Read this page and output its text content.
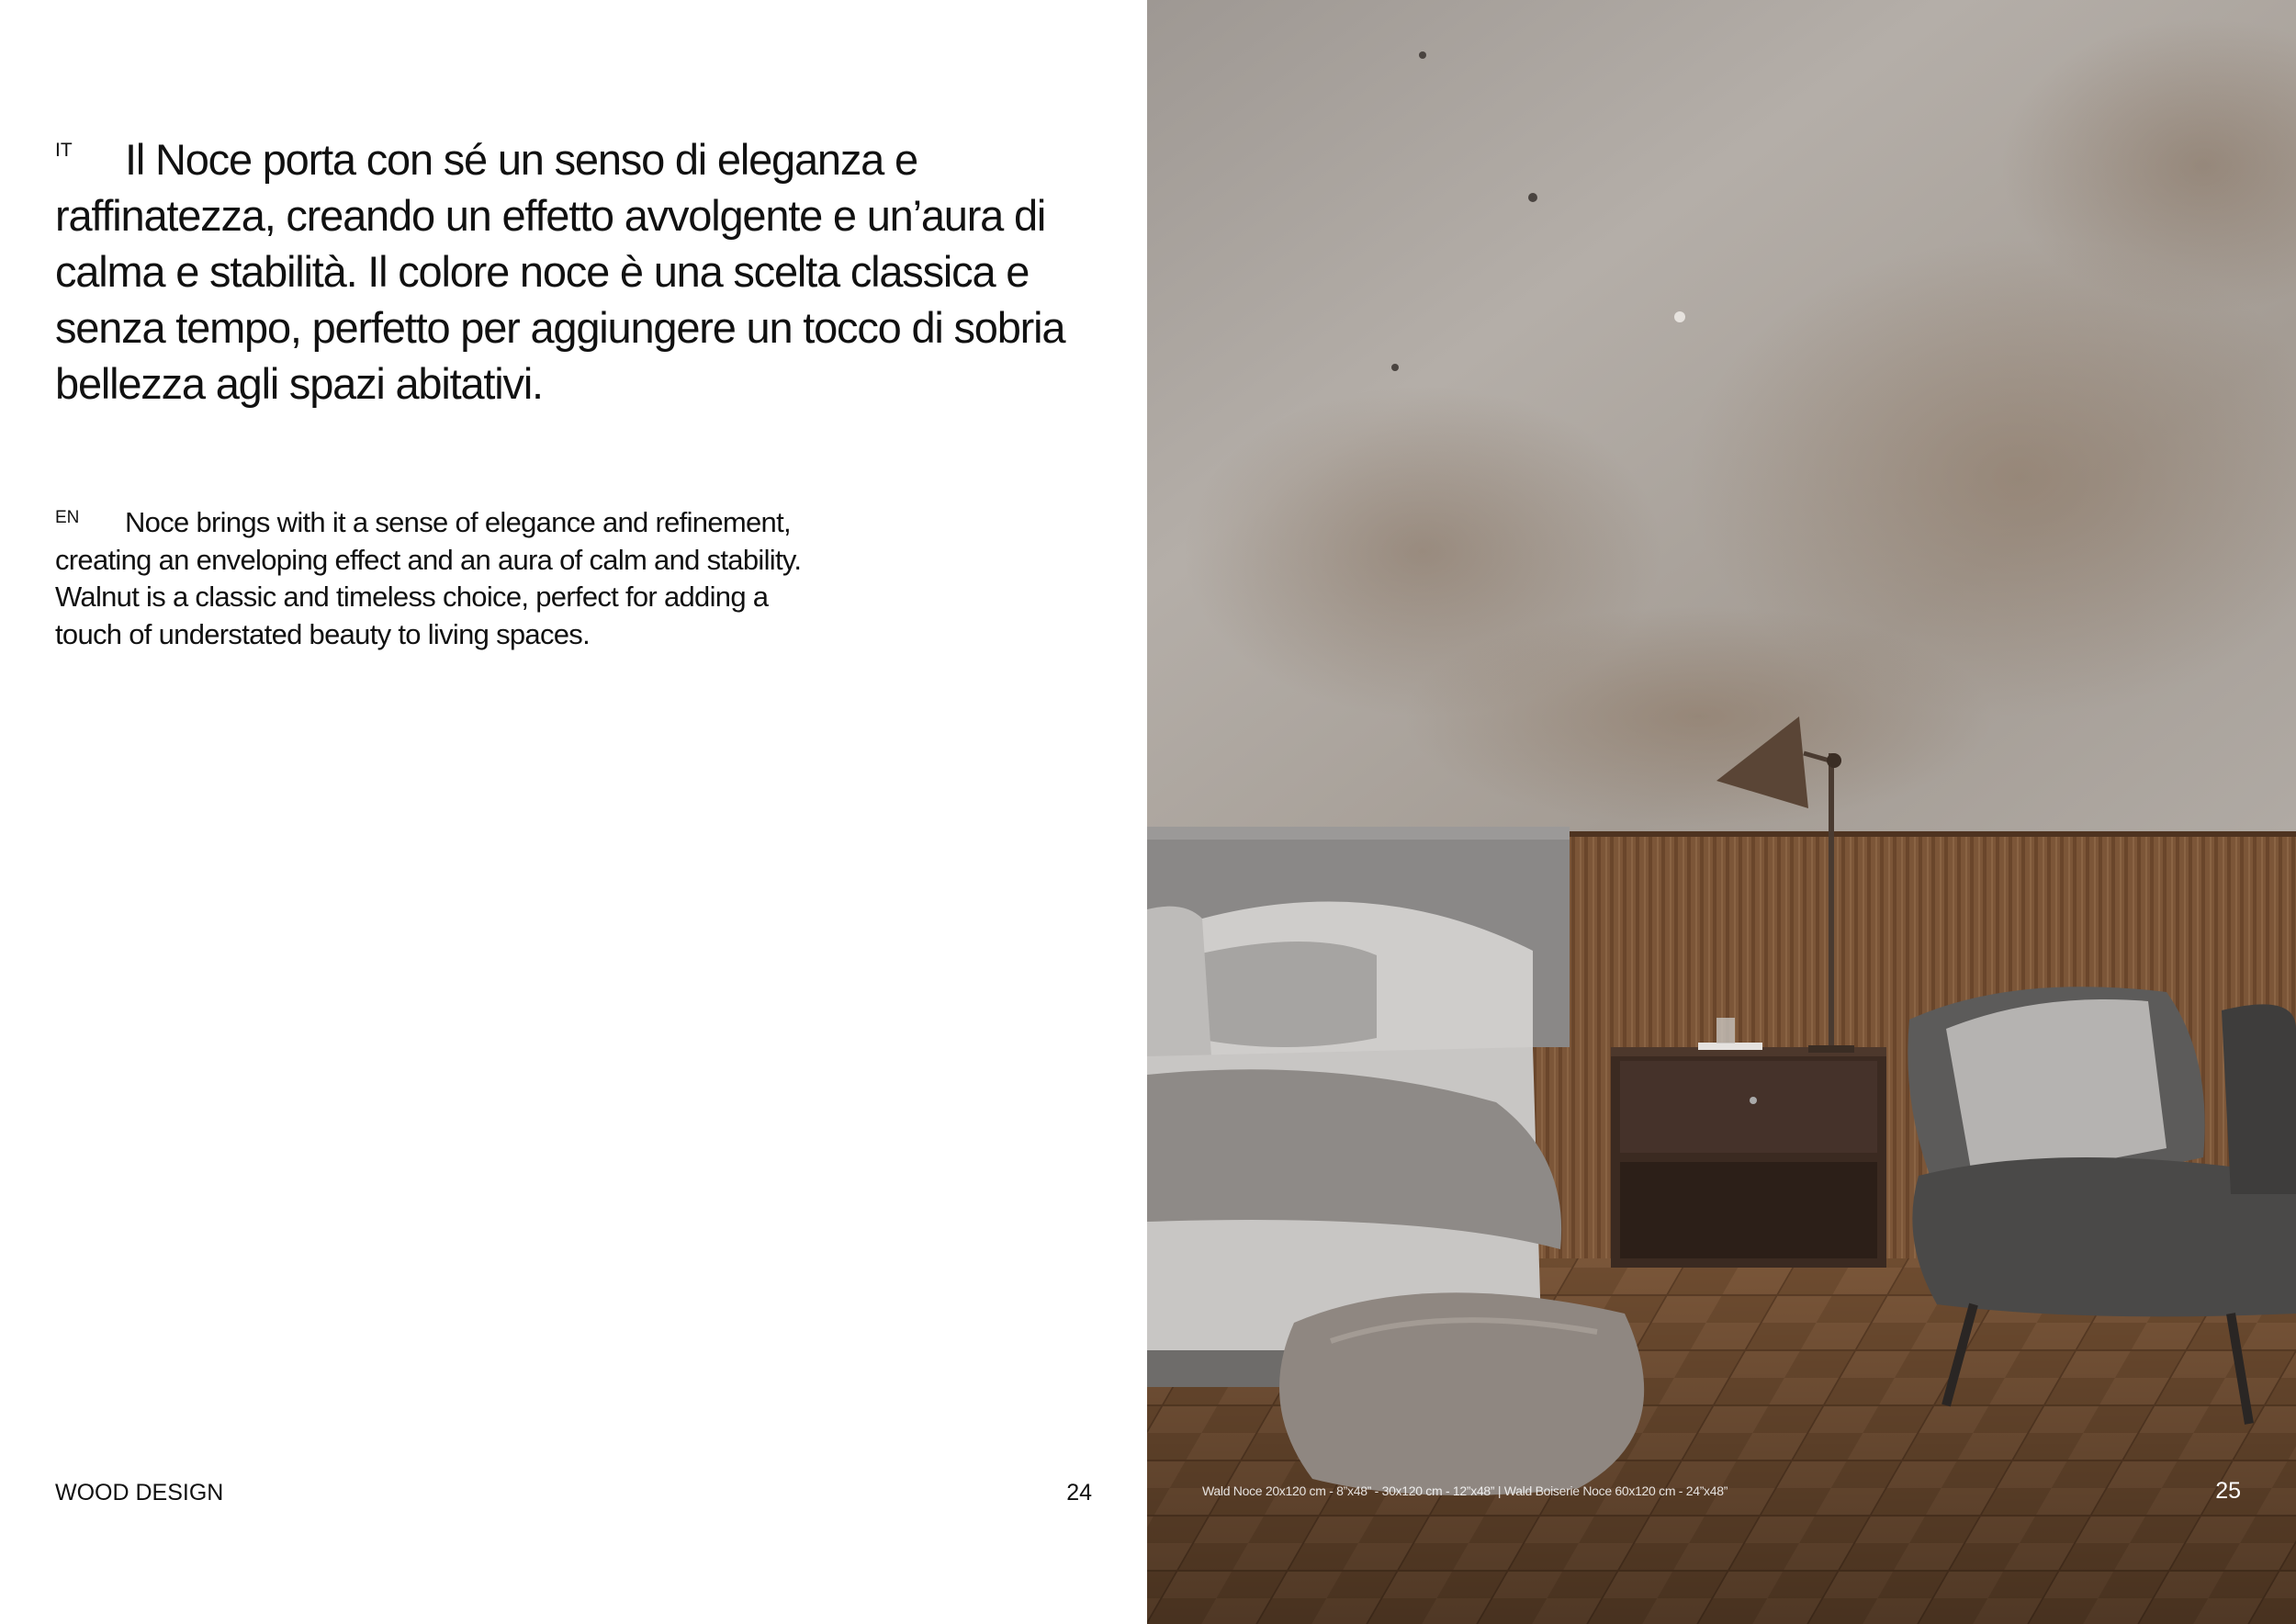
IT Il Noce porta con sé un senso di eleganza e raffinatezza, creando un effetto avvolgente e un’aura di calma e stabilità. Il colore noce è una scelta classica e senza tempo, perfetto per aggiungere un tocco di sobria bellezza agli spazi abitativi.

EN Noce brings with it a sense of elegance and refinement, creating an enveloping effect and an aura of calm and stability. Walnut is a classic and timeless choice, perfect for adding a touch of understated beauty to living spaces.

WOOD DESIGN	24	Wald Noce 20x120 cm - 8”x48” - 30x120 cm - 12”x48” | Wald Boiserie Noce 60x120 cm - 24”x48”	25
